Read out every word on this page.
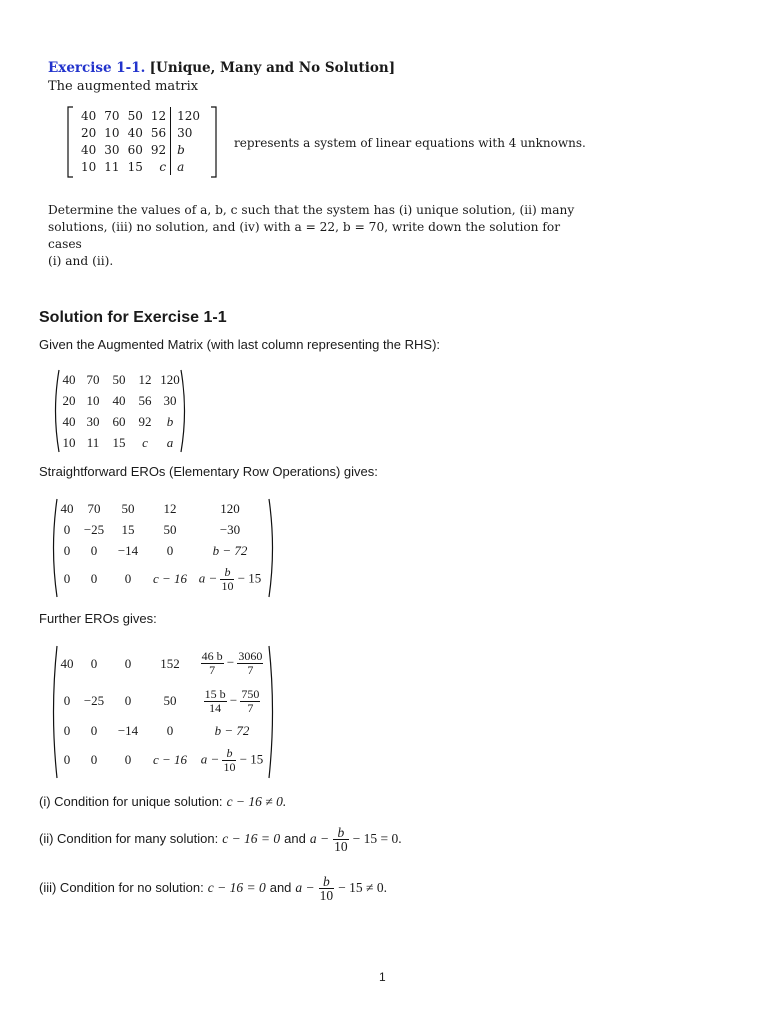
Exercise 1-1. [Unique, Many and No Solution]
The augmented matrix
40	70	50	12	120
20	10	40	56	30
40	30	60	92	b
10	11	15	c	a
represents a system of linear equations with 4 unknowns.
Determine the values of a, b, c such that the system has (i) unique solution, (ii) many
solutions, (iii) no solution, and (iv) with a = 22, b = 70, write down the solution for cases
(i) and (ii).
Solution for Exercise 1-1
Given the Augmented Matrix (with last column representing the RHS):
40	70	50	12	120
20	10	40	56	30
40	30	60	92	b
10	11	15	c	a
Straightforward EROs (Elementary Row Operations) gives:
40	70	50	12	120
0	−25	15	50	−30
0	0	−14	0	b − 72
0	0	0	c − 16	$a - \frac{b}{10} - 15$
Further EROs gives:
40	0	0	152	$\frac{46 b}{7} - \frac{3060}{7}$

0	−25	0	50	$\frac{15 b}{14} - \frac{750}{7}$

0	0	−14	0	b − 72
0	0	0	c − 16	$a - \frac{b}{10} - 15$
(i) Condition for unique solution: c − 16 ≠ 0.
(ii) Condition for many solution: c − 16 = 0 and $a - \frac{b}{10} - 15 = 0$.
(iii) Condition for no solution: c − 16 = 0 and $a - \frac{b}{10} - 15 \ne 0$.
1
